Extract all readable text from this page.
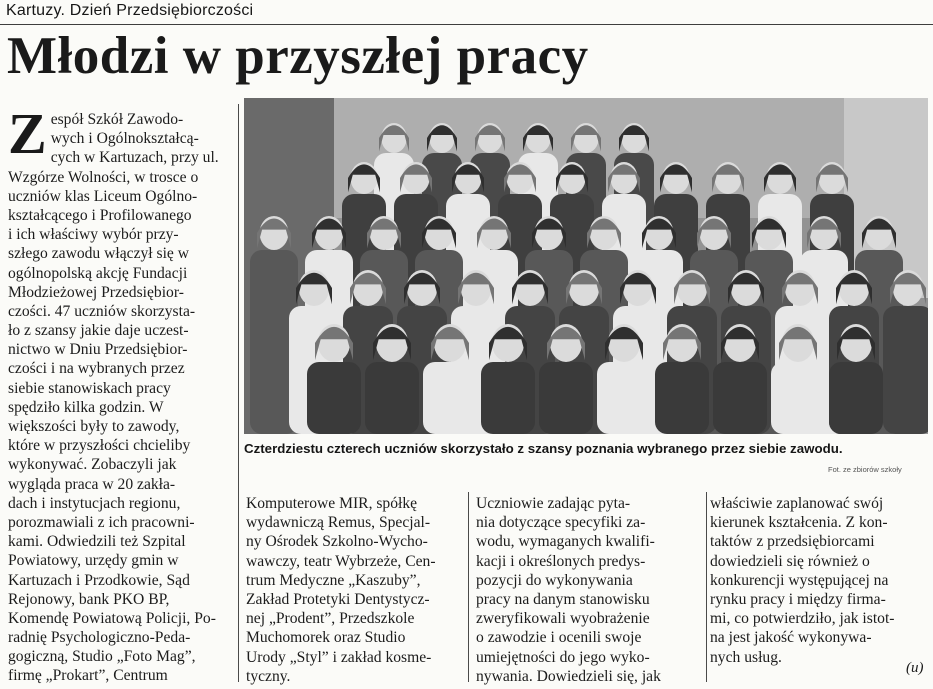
Kartuzy. Dzień Przedsiębiorczości
Młodzi w przyszłej pracy
Z espół Szkół Zawodo-
wych i Ogólnokształcą-
cych w Kartuzach, przy ul.
Wzgórze Wolności, w trosce o
uczniów klas Liceum Ogólno-
kształcącego i Profilowanego
i ich właściwy wybór przy-
szłego zawodu włączył się w
ogólnopolską akcję Fundacji
Młodzieżowej Przedsiębior-
czości. 47 uczniów skorzysta-
ło z szansy jakie daje uczest-
nictwo w Dniu Przedsiębior-
czości i na wybranych przez
siebie stanowiskach pracy
spędziło kilka godzin. W
większości były to zawody,
które w przyszłości chcieliby
wykonywać. Zobaczyli jak
wygląda praca w 20 zakła-
dach i instytucjach regionu,
porozmawiali z ich pracowni-
kami. Odwiedzili też Szpital
Powiatowy, urzędy gmin w
Kartuzach i Przodkowie, Sąd
Rejonowy, bank PKO BP,
Komendę Powiatową Policji, Po-
radnię Psychologiczno-Peda-
gogiczną, Studio „Foto Mag”,
firmę „Prokart”, Centrum
Czterdziestu czterech uczniów skorzystało z szansy poznania wybranego przez siebie zawodu.
Fot. ze zbiorów szkoły
Komputerowe MIR, spółkę
wydawniczą Remus, Specjal-
ny Ośrodek Szkolno-Wycho-
wawczy, teatr Wybrzeże, Cen-
trum Medyczne „Kaszuby”,
Zakład Protetyki Dentystycz-
nej „Prodent”, Przedszkole
Muchomorek oraz Studio
Urody „Styl” i zakład kosme-
tyczny.
Uczniowie zadając pyta-
nia dotyczące specyfiki za-
wodu, wymaganych kwalifi-
kacji i określonych predys-
pozycji do wykonywania
pracy na danym stanowisku
zweryfikowali wyobrażenie
o zawodzie i ocenili swoje
umiejętności do jego wyko-
nywania. Dowiedzieli się, jak
właściwie zaplanować swój
kierunek kształcenia. Z kon-
taktów z przedsiębiorcami
dowiedzieli się również o
konkurencji występującej na
rynku pracy i między firma-
mi, co potwierdziło, jak istot-
na jest jakość wykonywa-
nych usług.
(u)
